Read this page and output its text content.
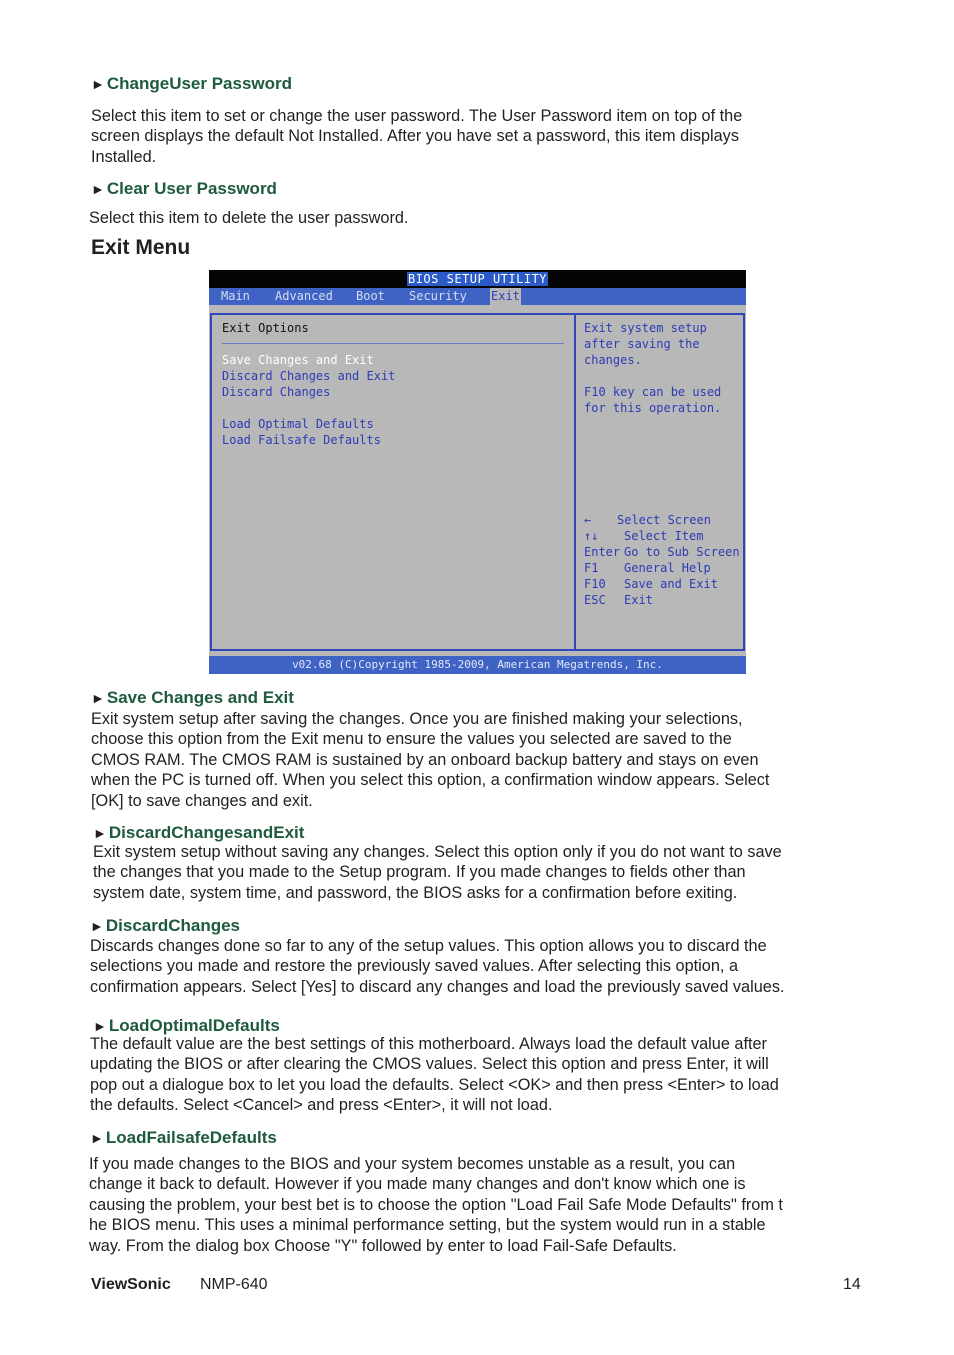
► ChangeUser Password
Select this item to set or change the user password. The User Password item on top of the
screen displays the default Not Installed. After you have set a password, this item displays
Installed.
► Clear User Password
Select this item to delete the user password.
Exit Menu
BIOS SETUP UTILITY
Main Advanced Boot Security Exit
Exit Options
Save Changes and Exit
Discard Changes and Exit
Discard Changes
Load Optimal Defaults
Load Failsafe Defaults
Exit system setup
after saving the
changes.
F10 key can be used
for this operation.
←	Select Screen
↑↓ Select Item
Enter Go to Sub Screen
F1 General Help
F10 Save and Exit
ESC Exit
v02.68 (C)Copyright 1985-2009, American Megatrends, Inc.
► Save Changes and Exit
Exit system setup after saving the changes. Once you are finished making your selections,
choose this option from the Exit menu to ensure the values you selected are saved to the
CMOS RAM. The CMOS RAM is sustained by an onboard backup battery and stays on even
when the PC is turned off. When you select this option, a confirmation window appears. Select
[OK] to save changes and exit.
► DiscardChangesandExit
Exit system setup without saving any changes. Select this option only if you do not want to save
the changes that you made to the Setup program. If you made changes to fields other than
system date, system time, and password, the BIOS asks for a confirmation before exiting.
► DiscardChanges
Discards changes done so far to any of the setup values. This option allows you to discard the
selections you made and restore the previously saved values. After selecting this option, a
confirmation appears. Select [Yes] to discard any changes and load the previously saved values.
► LoadOptimalDefaults
The default value are the best settings of this motherboard. Always load the default value after
updating the BIOS or after clearing the CMOS values. Select this option and press Enter, it will
pop out a dialogue box to let you load the defaults. Select <OK> and then press <Enter> to load
the defaults. Select <Cancel> and press <Enter>, it will not load.
► LoadFailsafeDefaults
If you made changes to the BIOS and your system becomes unstable as a result, you can
change it back to default. However if you made many changes and don't know which one is
causing the problem, your best bet is to choose the option "Load Fail Safe Mode Defaults" from t
he BIOS menu. This uses a minimal performance setting, but the system would run in a stable
way. From the dialog box Choose "Y" followed by enter to load Fail-Safe Defaults.
ViewSonic NMP-640	14
